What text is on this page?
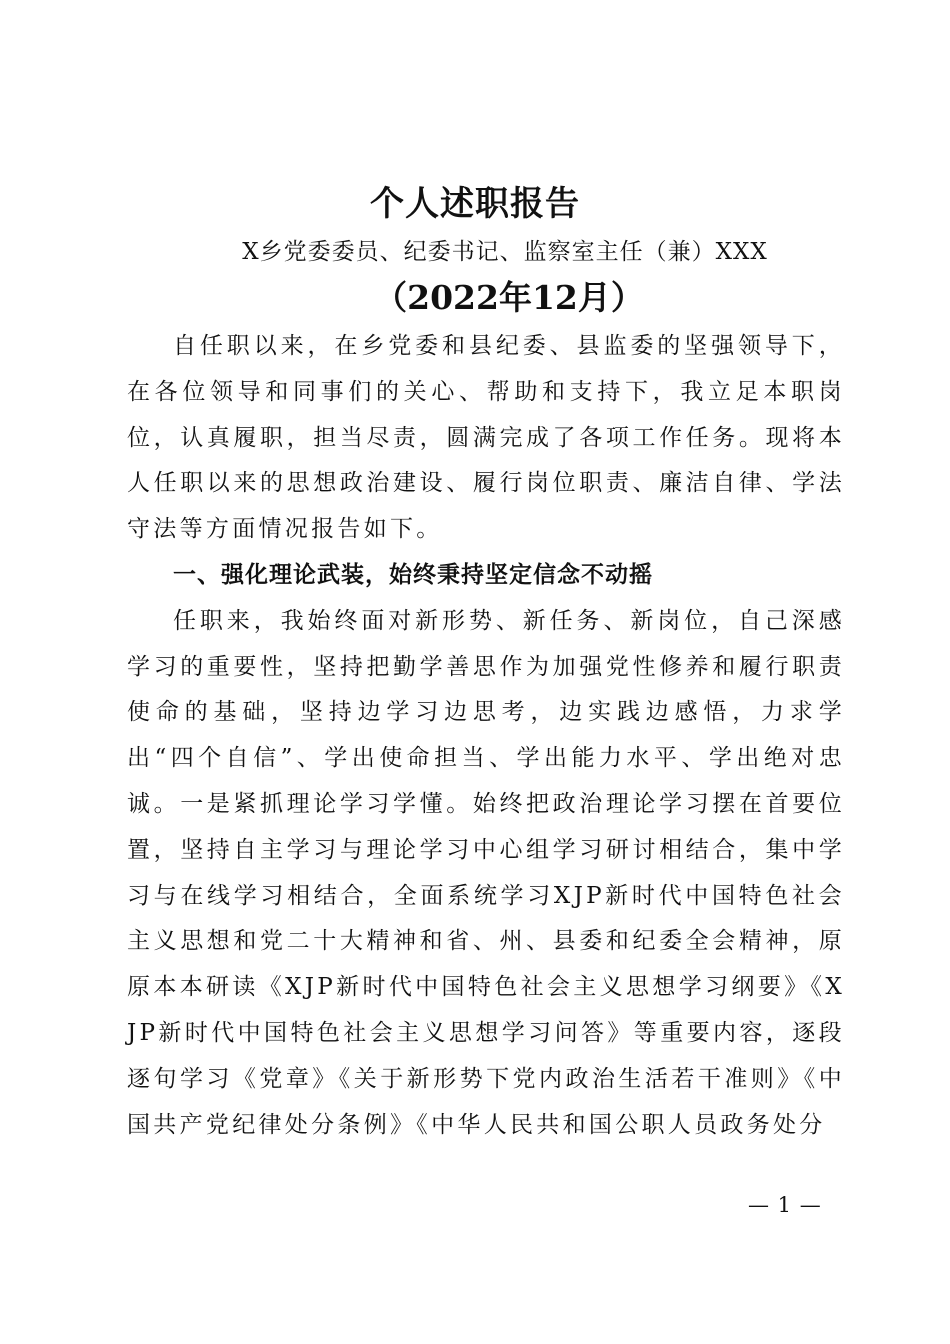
个人述职报告

X乡党委委员、纪委书记、监察室主任（兼）XXX

（2022年12月）

自任职以来，在乡党委和县纪委、县监委的坚强领导下，在各位领导和同事们的关心、帮助和支持下，我立足本职岗位，认真履职，担当尽责，圆满完成了各项工作任务。现将本人任职以来的思想政治建设、履行岗位职责、廉洁自律、学法守法等方面情况报告如下。

一、强化理论武装，始终秉持坚定信念不动摇

任职来，我始终面对新形势、新任务、新岗位，自己深感学习的重要性，坚持把勤学善思作为加强党性修养和履行职责使命的基础，坚持边学习边思考，边实践边感悟，力求学出“四个自信”、学出使命担当、学出能力水平、学出绝对忠诚。一是紧抓理论学习学懂。始终把政治理论学习摆在首要位置，坚持自主学习与理论学习中心组学习研讨相结合，集中学习与在线学习相结合，全面系统学习XJP新时代中国特色社会主义思想和党二十大精神和省、州、县委和纪委全会精神，原原本本研读《XJP新时代中国特色社会主义思想学习纲要》《XJP新时代中国特色社会主义思想学习问答》等重要内容，逐段逐句学习《党章》《关于新形势下党内政治生活若干准则》《中国共产党纪律处分条例》《中华人民共和国公职人员政务处分

— 1 —
